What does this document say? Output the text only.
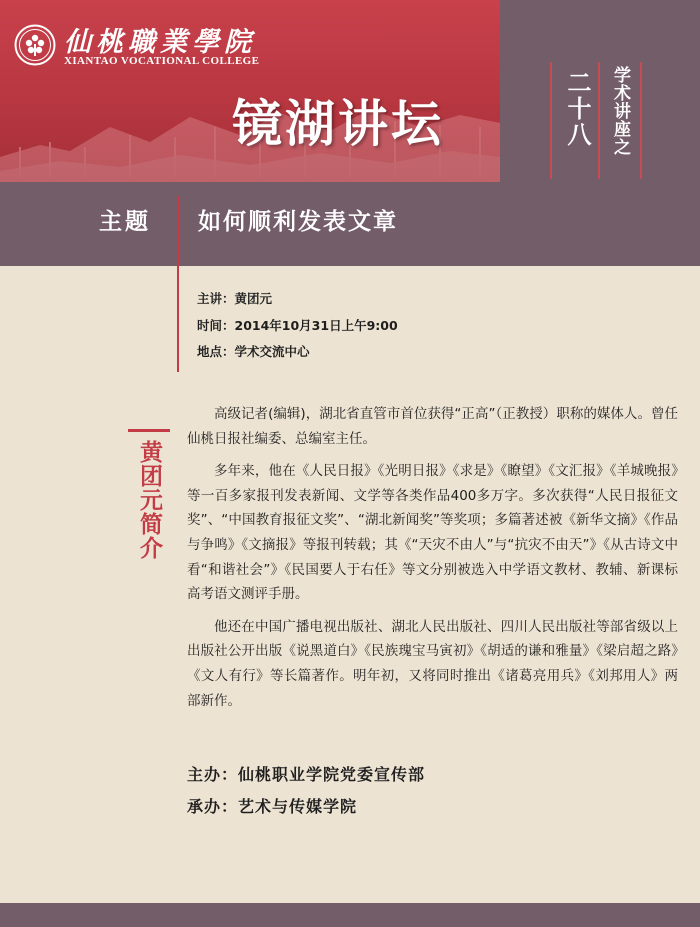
仙桃職業學院
XIANTAO VOCATIONAL COLLEGE
镜湖讲坛	二十八 学术讲座之
主题 如何顺利发表文章
主讲：黄团元
时间：2014年10月31日上午9:00
地点：学术交流中心
黄团元简介

高级记者(编辑)，湖北省直管市首位获得“正高”（正教授）职称的媒体人。曾任仙桃日报社编委、总编室主任。

多年来，他在《人民日报》《光明日报》《求是》《瞭望》《文汇报》《羊城晚报》等一百多家报刊发表新闻、文学等各类作品400多万字。多次获得“人民日报征文奖”、“中国教育报征文奖”、“湖北新闻奖”等奖项；多篇著述被《新华文摘》《作品与争鸣》《文摘报》等报刊转载；其《“天灾不由人”与“抗灾不由天”》《从古诗文中看“和谐社会”》《民国要人于右任》等文分别被选入中学语文教材、教辅、新课标高考语文测评手册。

他还在中国广播电视出版社、湖北人民出版社、四川人民出版社等部省级以上出版社公开出版《说黑道白》《民族瑰宝马寅初》《胡适的谦和雅量》《梁启超之路》《文人有行》等长篇著作。明年初，又将同时推出《诸葛亮用兵》《刘邦用人》两部新作。

主办：仙桃职业学院党委宣传部
承办：艺术与传媒学院
